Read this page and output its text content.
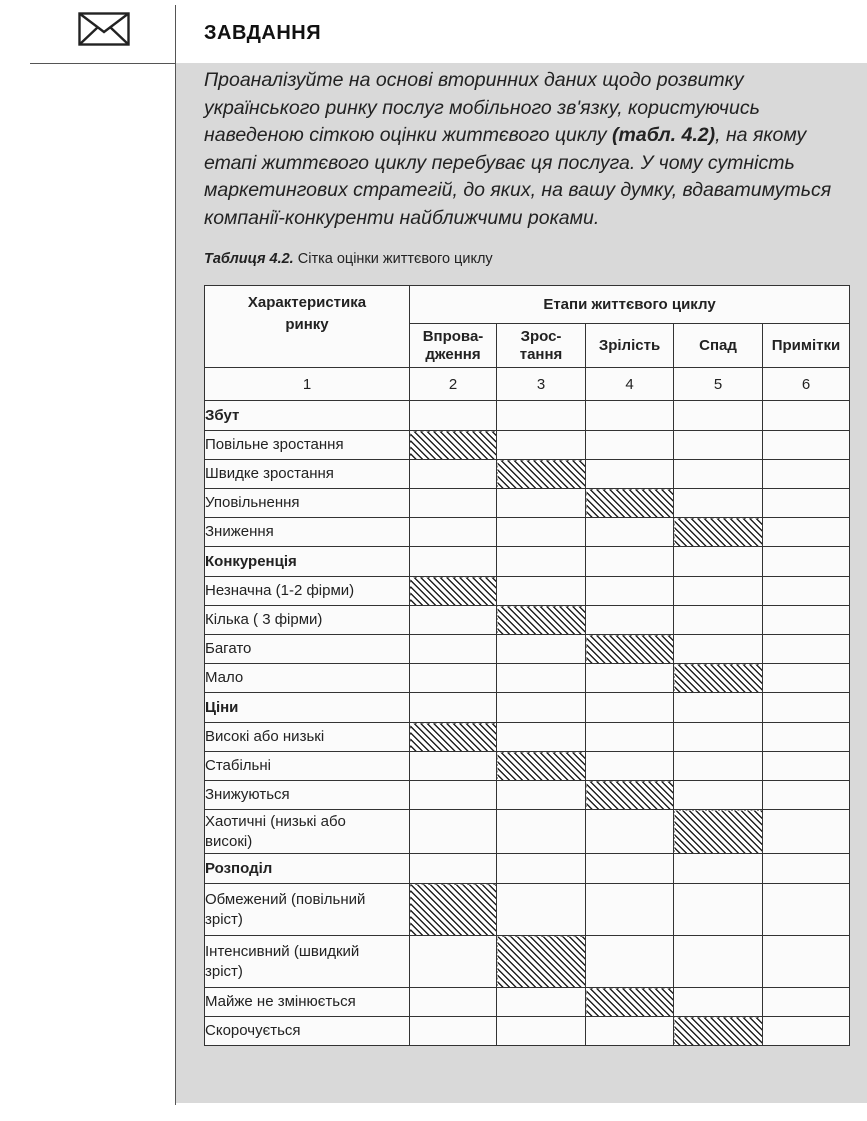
ЗАВДАННЯ
Проаналізуйте на основі вторинних даних щодо розвитку українського ринку послуг мобільного зв'язку, користуючись наведеною сіткою оцінки життєвого циклу (табл. 4.2), на якому етапі життєвого циклу перебуває ця послуга. У чому сутність маркетингових стратегій, до яких, на вашу думку, вдаватимуться компанії-конкуренти найближчими роками.
Таблиця 4.2. Сітка оцінки життєвого циклу
Характеристика ринку	Етапи життєвого циклу				
	Впрова-дження	Зрос-тання	Зрілість	Спад	Примітки
1	2	3	4	5	6
Збут					
Повільне зростання					
Швидке зростання					
Уповільнення					
Зниження					
Конкуренція					
Незначна (1-2 фірми)					
Кілька ( 3 фірми)					
Багато					
Мало					
Ціни					
Високі або низькі					
Стабільні					
Знижуються					
Хаотичні (низькі або високі)					
Розподіл					
Обмежений (повільний зріст)					
Інтенсивний (швидкий зріст)					
Майже не змінюється					
Скорочується					
